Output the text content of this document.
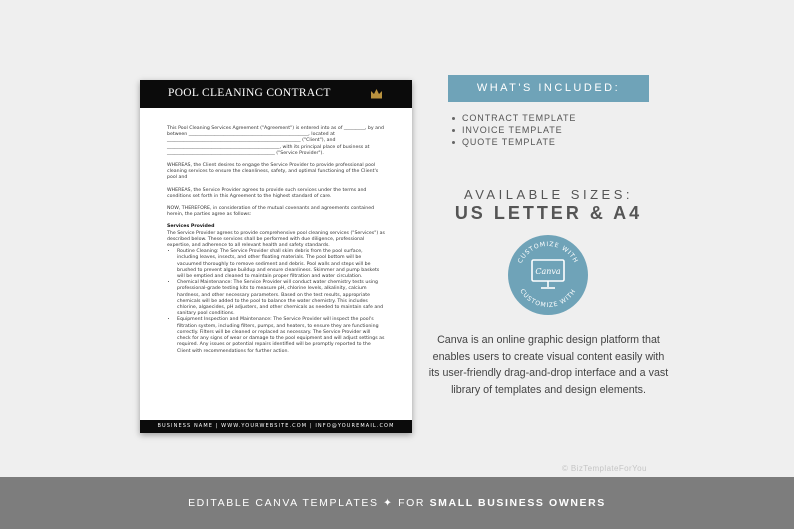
POOL CLEANING CONTRACT

This Pool Cleaning Services Agreement ("Agreement") is entered into as of _________, by and between ___________________________________________________, located at _________________________________________________________ ("Client"), and ________________________________________________, with its principal place of business at ______________________________________________ ("Service Provider").

WHEREAS, the Client desires to engage the Service Provider to provide professional pool cleaning services to ensure the cleanliness, safety, and optimal functioning of the Client's pool and

WHEREAS, the Service Provider agrees to provide such services under the terms and conditions set forth in this Agreement to the highest standard of care.

NOW, THEREFORE, in consideration of the mutual covenants and agreements contained herein, the parties agree as follows:

Services Provided

The Service Provider agrees to provide comprehensive pool cleaning services ("Services") as described below. These services shall be performed with due diligence, professional expertise, and adherence to all relevant health and safety standards.

• Routine Cleaning: The Service Provider shall skim debris from the pool surface, including leaves, insects, and other floating materials. The pool bottom will be vacuumed thoroughly to remove sediment and debris. Pool walls and steps will be brushed to prevent algae buildup and ensure cleanliness. Skimmer and pump baskets will be emptied and cleaned to maintain proper filtration and water circulation.
• Chemical Maintenance: The Service Provider will conduct water chemistry tests using professional-grade testing kits to measure pH, chlorine levels, alkalinity, calcium hardness, and other necessary parameters. Based on the test results, appropriate chemicals will be added to the pool to balance the water chemistry. This includes chlorine, algaecides, pH adjusters, and other chemicals as needed to maintain safe and sanitary pool conditions.
• Equipment Inspection and Maintenance: The Service Provider will inspect the pool's filtration system, including filters, pumps, and heaters, to ensure they are functioning correctly. Filters will be cleaned or replaced as necessary. The Service Provider will check for any signs of wear or damage to the pool equipment and will adjust settings as required. Any issues or potential repairs identified will be promptly reported to the Client with recommendations for further action.
BUSINESS NAME | WWW.YOURWEBSITE.COM | INFO@YOUREMAIL.COM
WHAT'S INCLUDED:
CONTRACT TEMPLATE
INVOICE TEMPLATE
QUOTE TEMPLATE
AVAILABLE SIZES:
US LETTER & A4
CUSTOMIZE WITH
CUSTOMIZE WITH
Canva
Canva is an online graphic design platform that enables users to create visual content easily with its user-friendly drag-and-drop interface and a vast library of templates and design elements.
© BizTemplateForYou
EDITABLE CANVA TEMPLATES ✦ FOR SMALL BUSINESS OWNERS
